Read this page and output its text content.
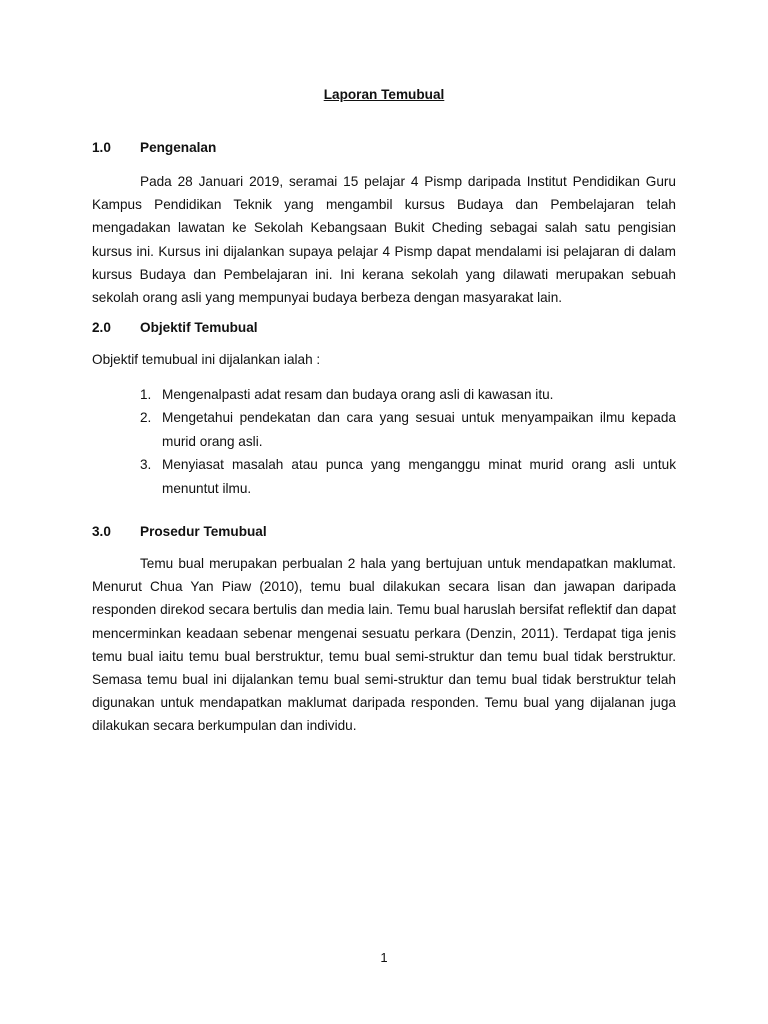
Laporan Temubual
1.0 Pengenalan

Pada 28 Januari 2019, seramai 15 pelajar 4 Pismp daripada Institut Pendidikan Guru Kampus Pendidikan Teknik yang mengambil kursus Budaya dan Pembelajaran telah mengadakan lawatan ke Sekolah Kebangsaan Bukit Cheding sebagai salah satu pengisian kursus ini. Kursus ini dijalankan supaya pelajar 4 Pismp dapat mendalami isi pelajaran di dalam kursus Budaya dan Pembelajaran ini. Ini kerana sekolah yang dilawati merupakan sebuah sekolah orang asli yang mempunyai budaya berbeza dengan masyarakat lain.

2.0 Objektif Temubual
Objektif temubual ini dijalankan ialah :
1. Mengenalpasti adat resam dan budaya orang asli di kawasan itu.
2. Mengetahui pendekatan dan cara yang sesuai untuk menyampaikan ilmu kepada murid orang asli.
3. Menyiasat masalah atau punca yang menganggu minat murid orang asli untuk menuntut ilmu.
3.0 Prosedur Temubual

Temu bual merupakan perbualan 2 hala yang bertujuan untuk mendapatkan maklumat. Menurut Chua Yan Piaw (2010), temu bual dilakukan secara lisan dan jawapan daripada responden direkod secara bertulis dan media lain. Temu bual haruslah bersifat reflektif dan dapat mencerminkan keadaan sebenar mengenai sesuatu perkara (Denzin, 2011). Terdapat tiga jenis temu bual iaitu temu bual berstruktur, temu bual semi-struktur dan temu bual tidak berstruktur. Semasa temu bual ini dijalankan temu bual semi-struktur dan temu bual tidak berstruktur telah digunakan untuk mendapatkan maklumat daripada responden. Temu bual yang dijalanan juga dilakukan secara berkumpulan dan individu.

1
